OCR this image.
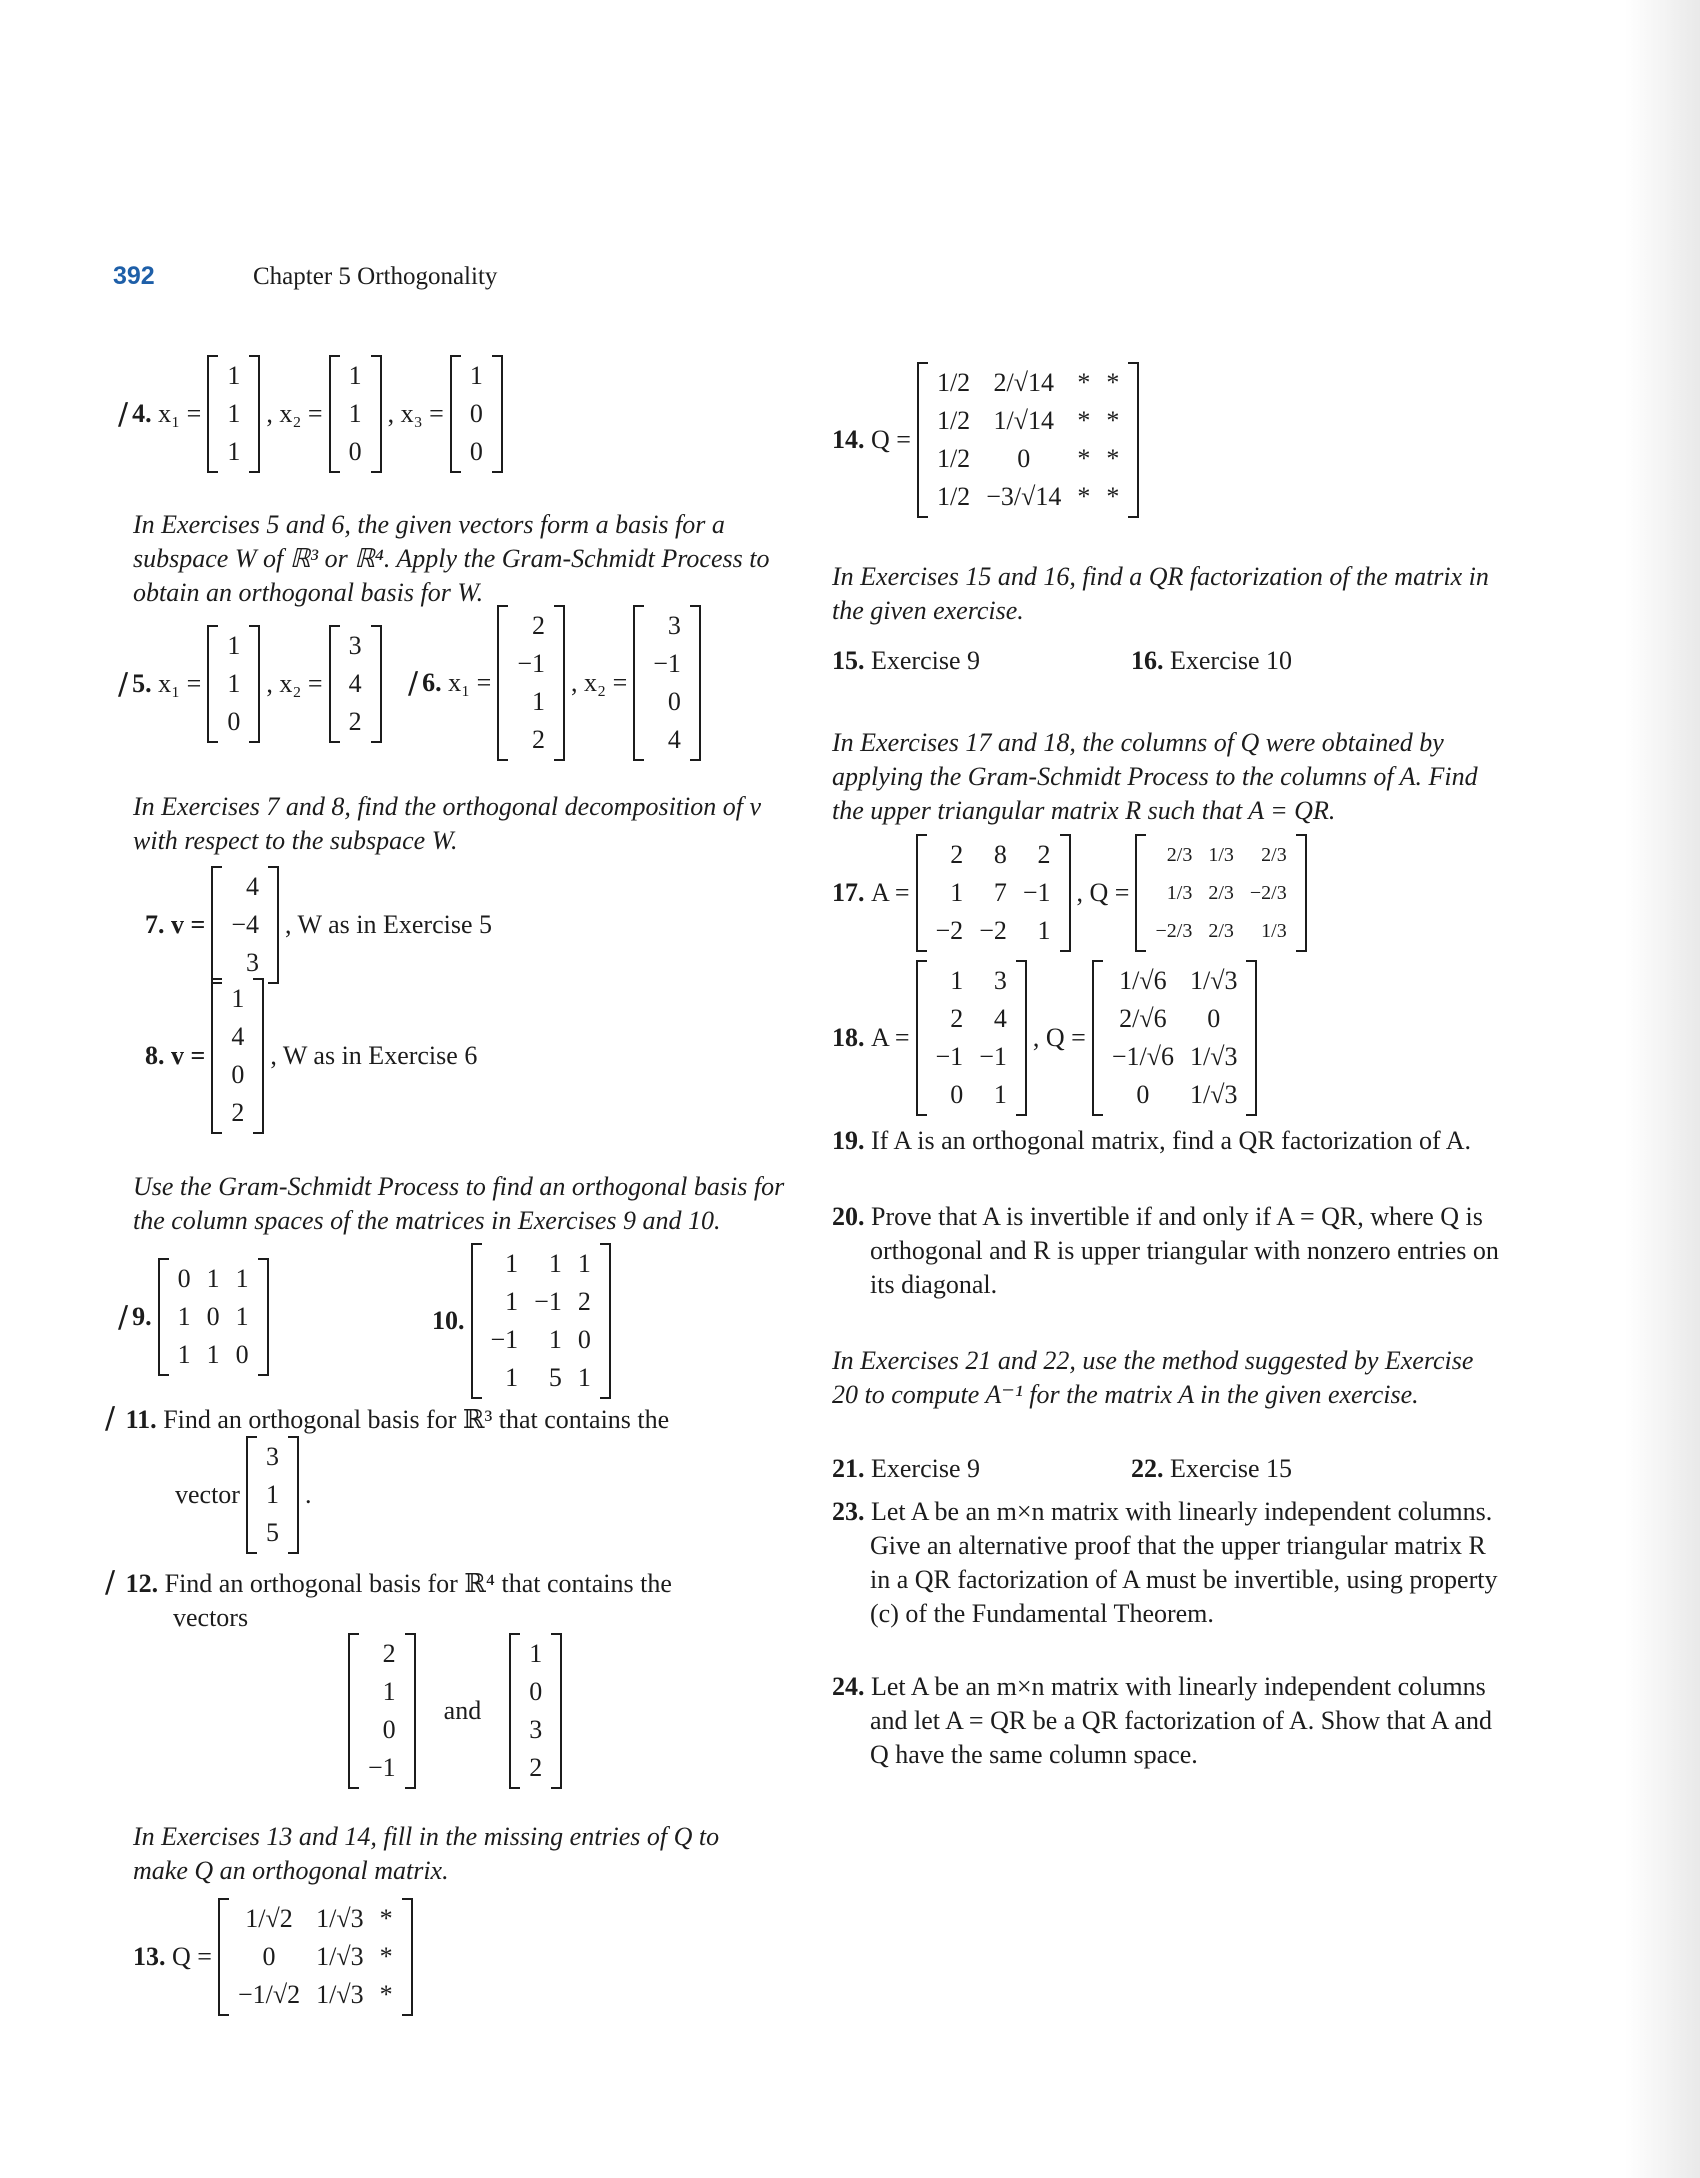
392	Chapter 5 Orthogonality
∕ 4.
x₁ =
1
1
1
, x₂ =
1
1
0
, x₃ =
1
0
0
In Exercises 5 and 6, the given vectors form a basis for a subspace W of ℝ³ or ℝ⁴. Apply the Gram-Schmidt Process to obtain an orthogonal basis for W.
∕ 5.
x₁ =
1
1
0
, x₂ =
3
4
2
∕ 6.
x₁ =
2
−1
1
2
, x₂ =
3
−1
0
4
In Exercises 7 and 8, find the orthogonal decomposition of v with respect to the subspace W.
7.
v =
4
−4
3
, W as in Exercise 5
8.
v =
1
4
0
2
, W as in Exercise 6
Use the Gram-Schmidt Process to find an orthogonal basis for the column spaces of the matrices in Exercises 9 and 10.
∕ 9.
0 1 1
1 0 1
1 1 0
10.
1	1 1
1 −1 2
−1	1 0
1	5 1
∕ 11. Find an orthogonal basis for ℝ³ that contains the
vector
3
1
5
.
∕ 12. Find an orthogonal basis for ℝ⁴ that contains the
vectors
2
1
0
−1
and
1
0
3
2
In Exercises 13 and 14, fill in the missing entries of Q to make Q an orthogonal matrix.
13.
Q =
1/√2 1/√3 *
0	1/√3 *
−1/√2 1/√3 *
14.
Q =
1/2 2/√14 * *
1/2 1/√14 * *
1/2	0	* *
1/2 −3/√14 * *
In Exercises 15 and 16, find a QR factorization of the matrix in the given exercise.
15. Exercise 9	16. Exercise 10
In Exercises 17 and 18, the columns of Q were obtained by applying the Gram-Schmidt Process to the columns of A. Find the upper triangular matrix R such that A = QR.
17.
A =
2	8	2
1	7 −1
−2 −2	1
, Q =
2/3 1/3	2/3
1/3 2/3 −2/3
−2/3 2/3	1/3
18.
A =
1	3
2	4
−1 −1
0	1
, Q =
1/√6 1/√3
2/√6	0
−1/√6 1/√3
0	1/√3
19. If A is an orthogonal matrix, find a QR factorization of A.
20. Prove that A is invertible if and only if A = QR, where Q is orthogonal and R is upper triangular with nonzero entries on its diagonal.
In Exercises 21 and 22, use the method suggested by Exercise 20 to compute A⁻¹ for the matrix A in the given exercise.
21. Exercise 9	22. Exercise 15
23. Let A be an m×n matrix with linearly independent columns. Give an alternative proof that the upper triangular matrix R in a QR factorization of A must be invertible, using property (c) of the Fundamental Theorem.
24. Let A be an m×n matrix with linearly independent columns and let A = QR be a QR factorization of A. Show that A and Q have the same column space.
